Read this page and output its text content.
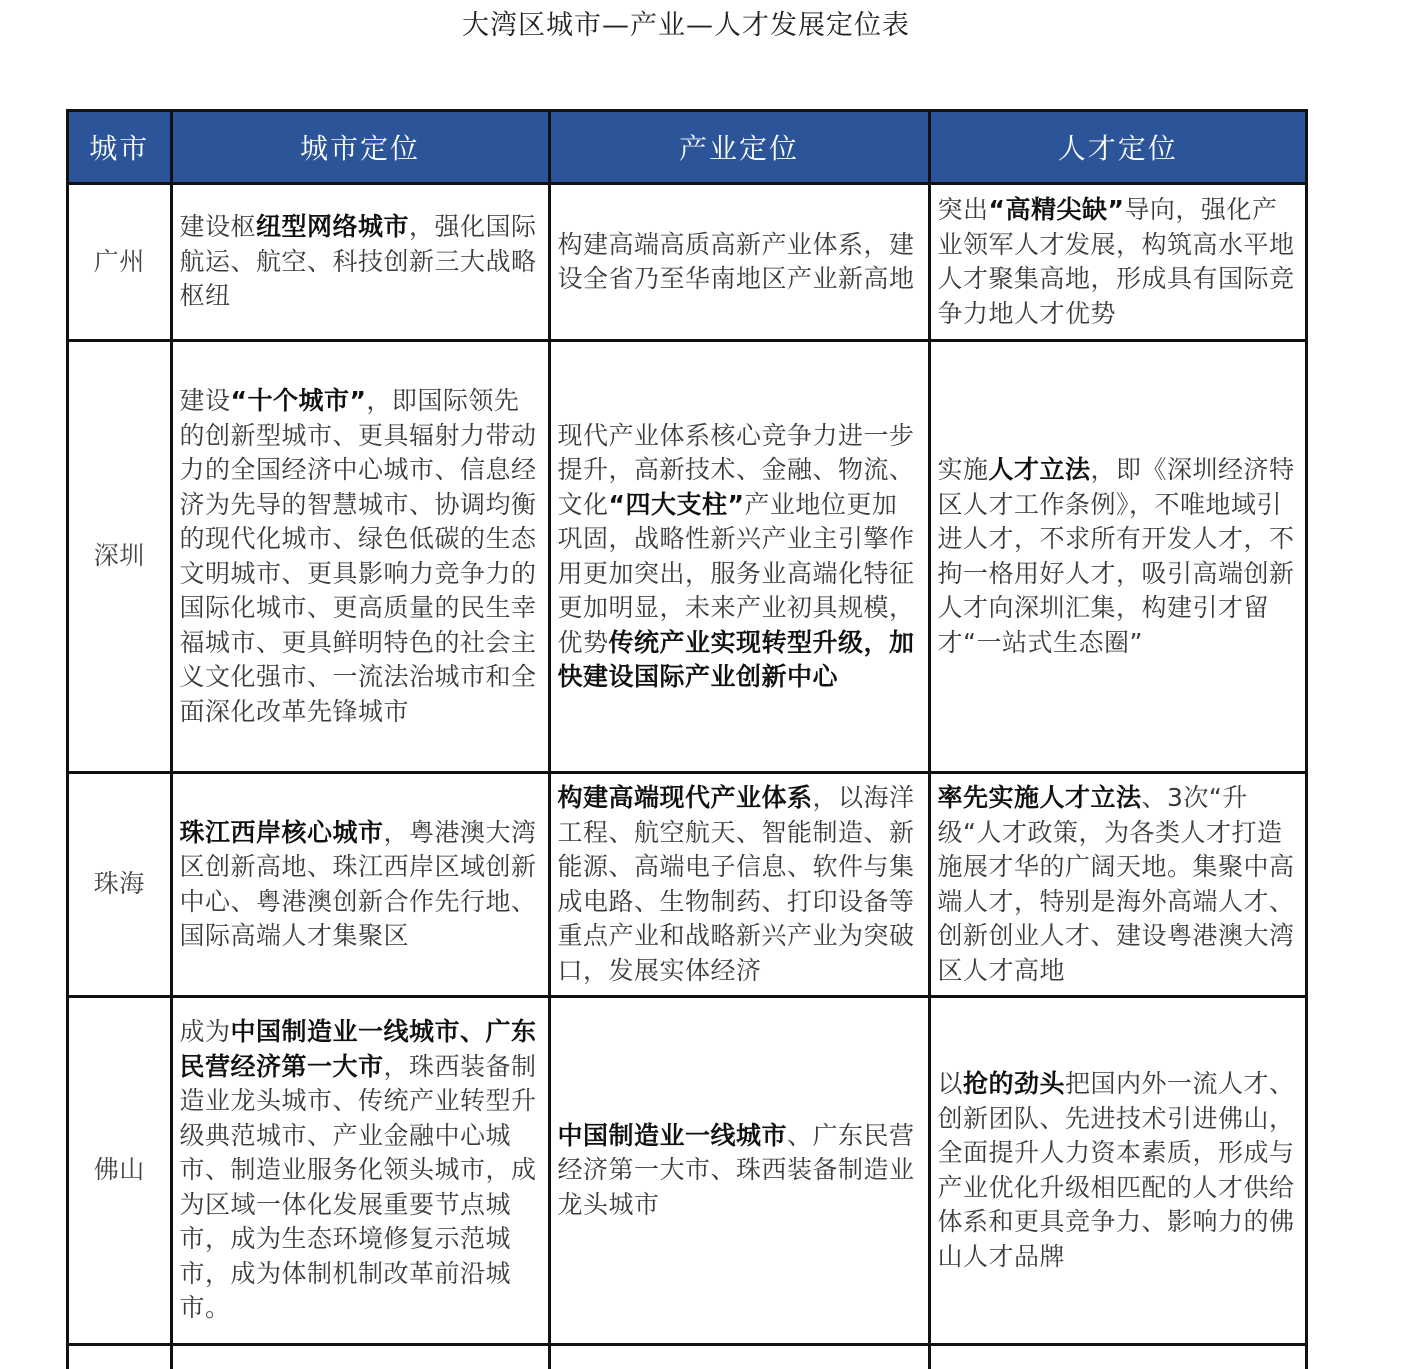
大湾区城市—产业—人才发展定位表
城市	城市定位	产业定位	人才定位
广州	建设枢纽型网络城市，强化国际航运、航空、科技创新三大战略枢纽	构建高端高质高新产业体系，建设全省乃至华南地区产业新高地	突出“高精尖缺”导向，强化产业领军人才发展，构筑高水平地人才聚集高地，形成具有国际竞争力地人才优势
深圳	建设“十个城市”，即国际领先的创新型城市、更具辐射力带动力的全国经济中心城市、信息经济为先导的智慧城市、协调均衡的现代化城市、绿色低碳的生态文明城市、更具影响力竞争力的国际化城市、更高质量的民生幸福城市、更具鲜明特色的社会主义文化强市、一流法治城市和全面深化改革先锋城市	现代产业体系核心竞争力进一步提升，高新技术、金融、物流、文化“四大支柱”产业地位更加巩固，战略性新兴产业主引擎作用更加突出，服务业高端化特征更加明显，未来产业初具规模，优势传统产业实现转型升级，加快建设国际产业创新中心	实施人才立法，即《深圳经济特区人才工作条例》，不唯地域引进人才，不求所有开发人才，不拘一格用好人才，吸引高端创新人才向深圳汇集，构建引才留才“一站式生态圈”
珠海	珠江西岸核心城市，粤港澳大湾区创新高地、珠江西岸区域创新中心、粤港澳创新合作先行地、国际高端人才集聚区	构建高端现代产业体系，以海洋工程、航空航天、智能制造、新能源、高端电子信息、软件与集成电路、生物制药、打印设备等重点产业和战略新兴产业为突破口，发展实体经济	率先实施人才立法、3次“升级“人才政策，为各类人才打造施展才华的广阔天地。集聚中高端人才，特别是海外高端人才、创新创业人才、建设粤港澳大湾区人才高地
佛山	成为中国制造业一线城市、广东民营经济第一大市，珠西装备制造业龙头城市、传统产业转型升级典范城市、产业金融中心城市、制造业服务化领头城市，成为区域一体化发展重要节点城市，成为生态环境修复示范城市，成为体制机制改革前沿城市。	中国制造业一线城市、广东民营经济第一大市、珠西装备制造业龙头城市	以抢的劲头把国内外一流人才、创新团队、先进技术引进佛山，全面提升人力资本素质，形成与产业优化升级相匹配的人才供给体系和更具竞争力、影响力的佛山人才品牌
